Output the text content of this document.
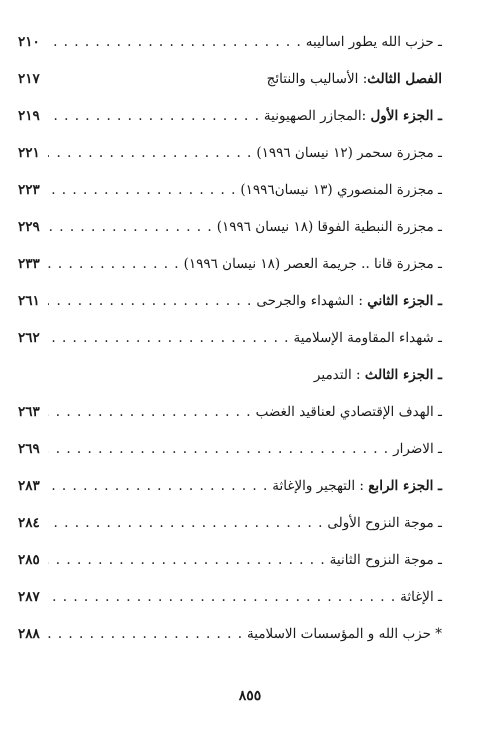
ـ حزب الله يطور اساليبه
. . .
٢١٠
الفصل الثالث: الأساليب والنتائج
٢١٧
ـ الجزء الأول :المجازر الصهيونية
. . .
٢١٩
ـ مجزرة سحمر (١٢ نيسان ١٩٩٦)
. . .
٢٢١
ـ مجزرة المنصوري (١٣ نيسان١٩٩٦)
. . .
٢٢٣
ـ مجزرة النبطية الفوقا (١٨ نيسان ١٩٩٦)
. . .
٢٢٩
ـ مجزرة قانا .. جريمة العصر (١٨ نيسان ١٩٩٦)
. . .
٢٣٣
ـ الجزء الثاني : الشهداء والجرحى
. . .
٢٦١
ـ شهداء المقاومة الإسلامية
. . .
٢٦٢
ـ الجزء الثالث : التدمير
ـ الهدف الإقتصادي لعناقيد الغضب
. . .
٢٦٣
ـ الاضرار
. . .
٢٦٩
ـ الجزء الرابع : التهجير والإغاثة
. . .
٢٨٣
ـ موجة النزوح الأولى
. . .
٢٨٤
ـ موجة النزوح الثانية
. . .
٢٨٥
ـ الإغاثة
. . .
٢٨٧
* حزب الله و المؤسسات الاسلامية
. . .
٢٨٨
٨٥٥
